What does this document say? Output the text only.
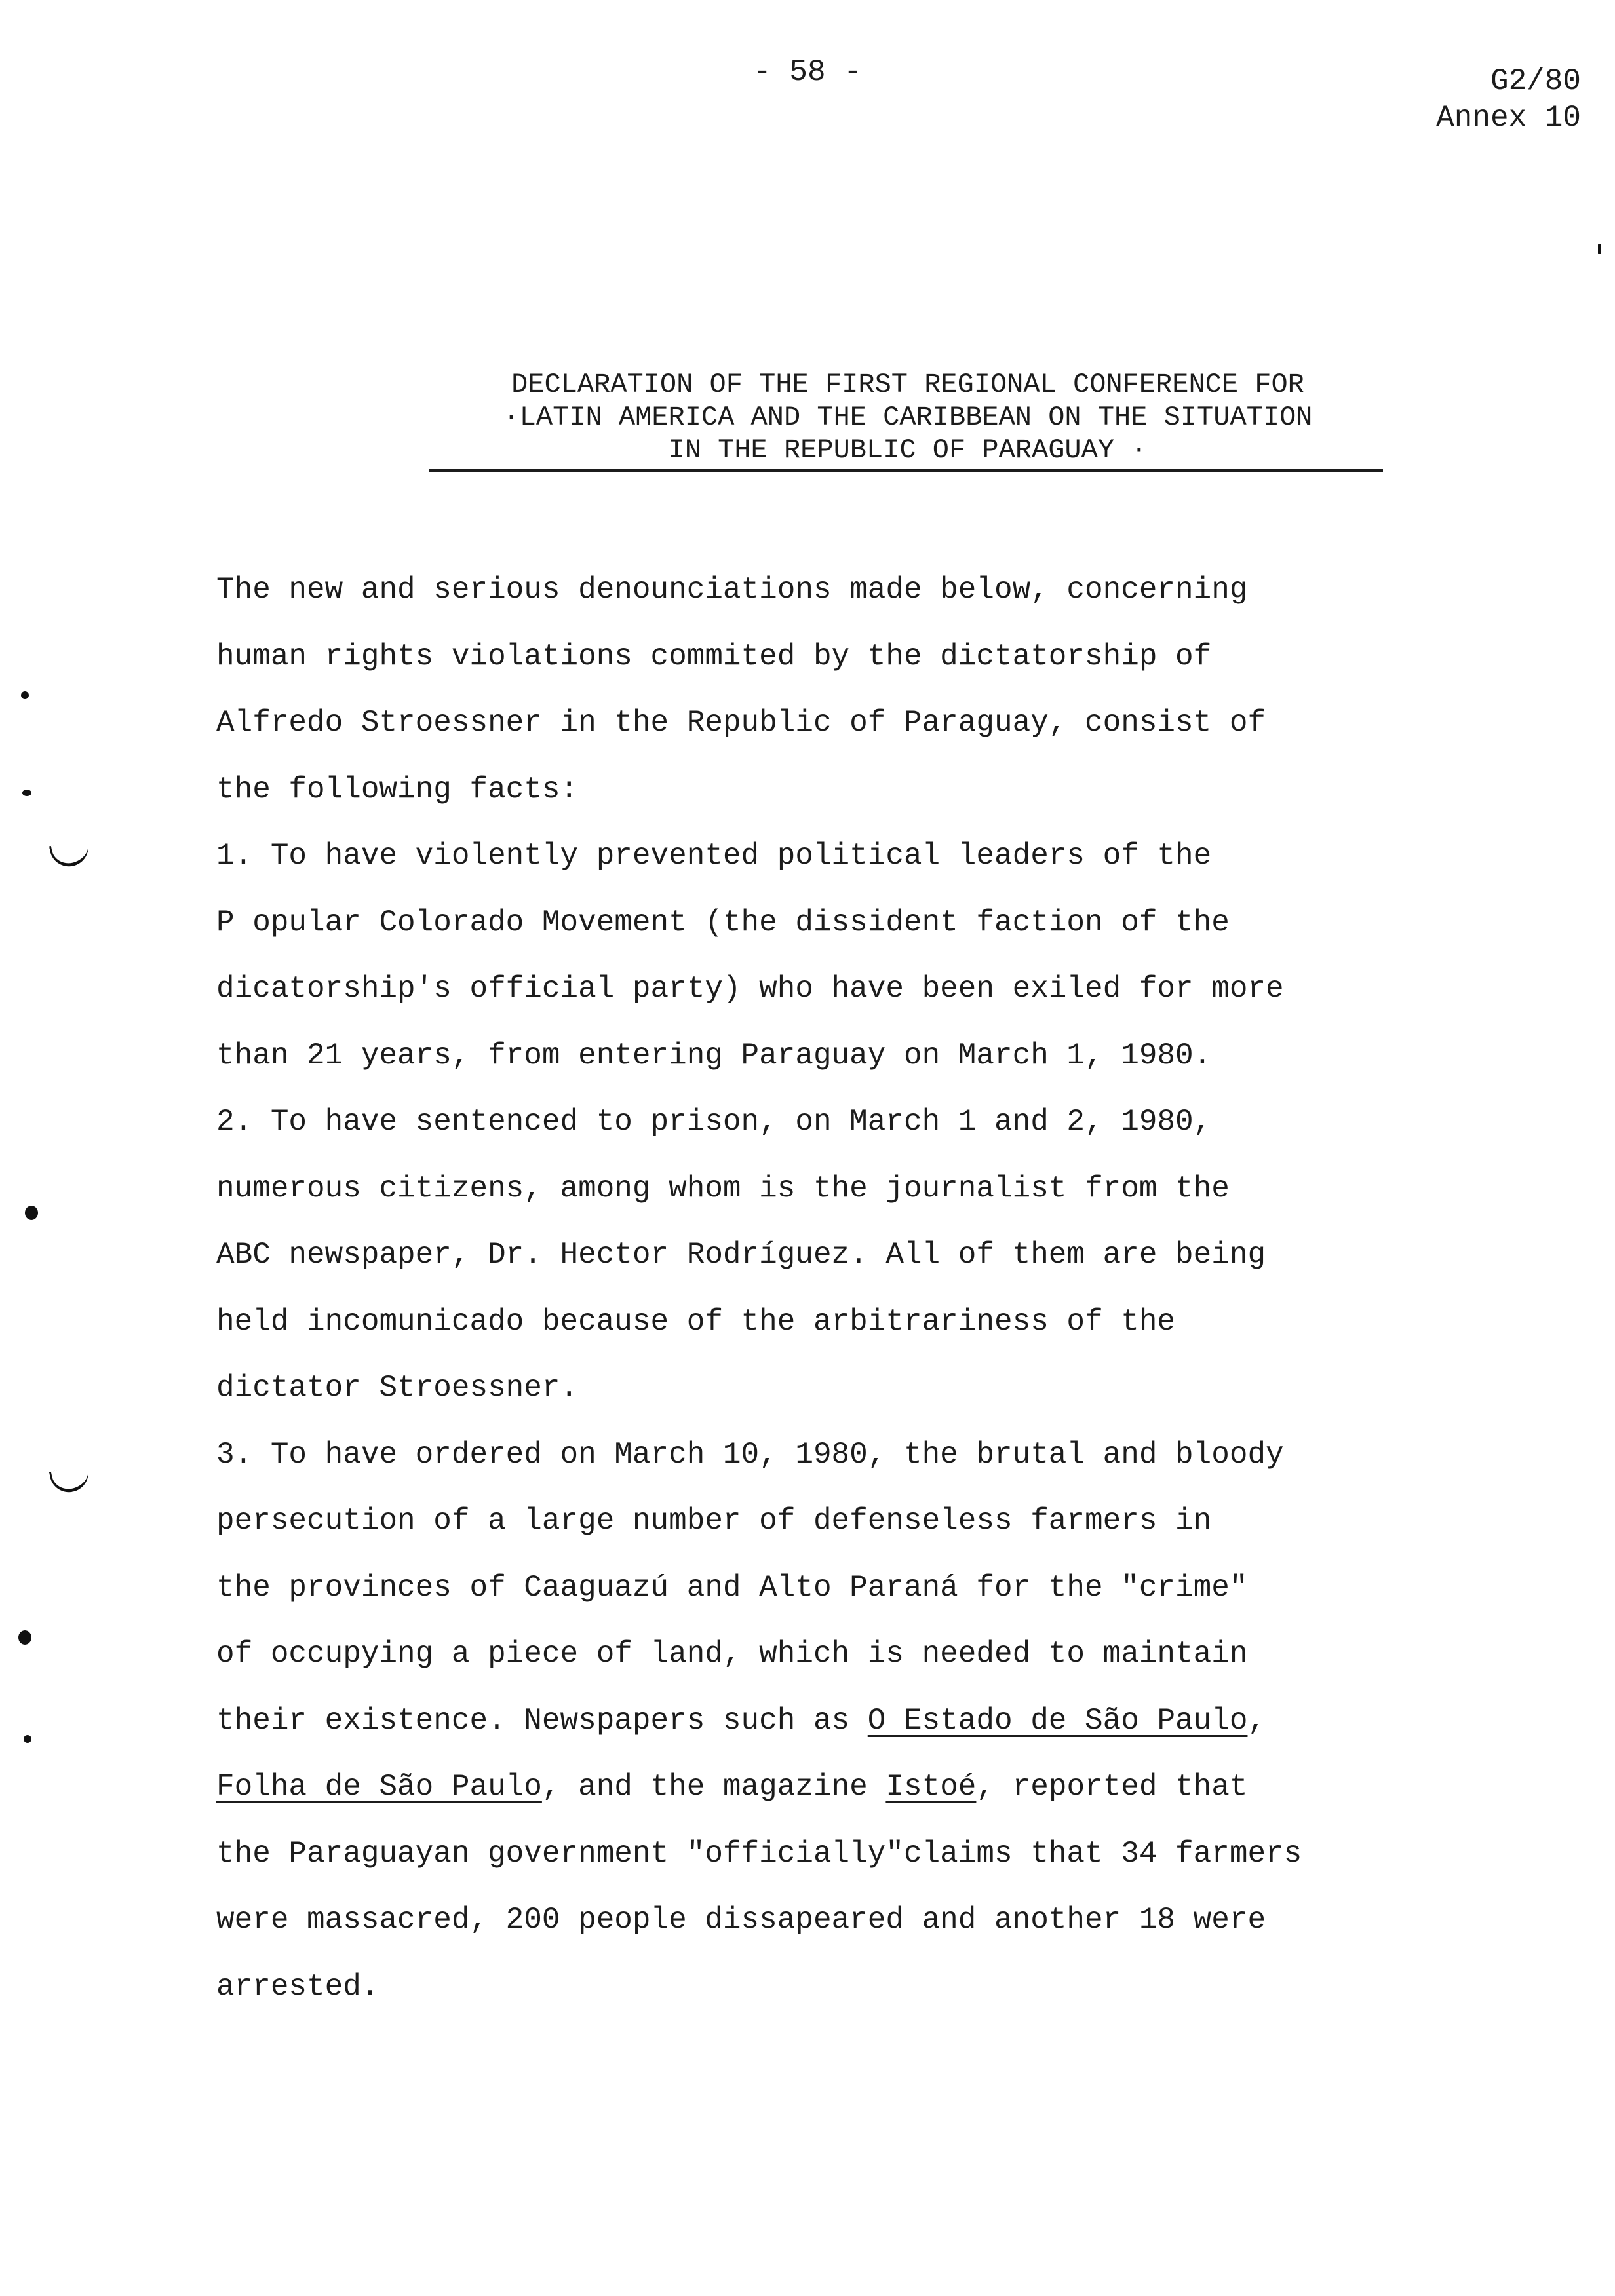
- 58 -	G2/80
Annex 10
DECLARATION OF THE FIRST REGIONAL CONFERENCE FOR
·LATIN AMERICA AND THE CARIBBEAN ON THE SITUATION
IN THE REPUBLIC OF PARAGUAY ·
The new and serious denounciations made below, concerning
human rights violations commited by the dictatorship of
Alfredo Stroessner in the Republic of Paraguay, consist of
the following facts:
1. To have violently prevented political leaders of the
P opular Colorado Movement (the dissident faction of the
dicatorship's official party) who have been exiled for more
than 21 years, from entering Paraguay on March 1, 1980.
2. To have sentenced to prison, on March 1 and 2, 1980,
numerous citizens, among whom is the journalist from the
ABC newspaper, Dr. Hector Rodríguez. All of them are being
held incomunicado because of the arbitrariness of the
dictator Stroessner.
3. To have ordered on March 10, 1980, the brutal and bloody
persecution of a large number of defenseless farmers in
the provinces of Caaguazú and Alto Paraná for the "crime"
of occupying a piece of land, which is needed to maintain
their existence. Newspapers such as O Estado de São Paulo,
Folha de São Paulo, and the magazine Istoé, reported that
the Paraguayan government "officially"claims that 34 farmers
were massacred, 200 people dissapeared and another 18 were
arrested.
